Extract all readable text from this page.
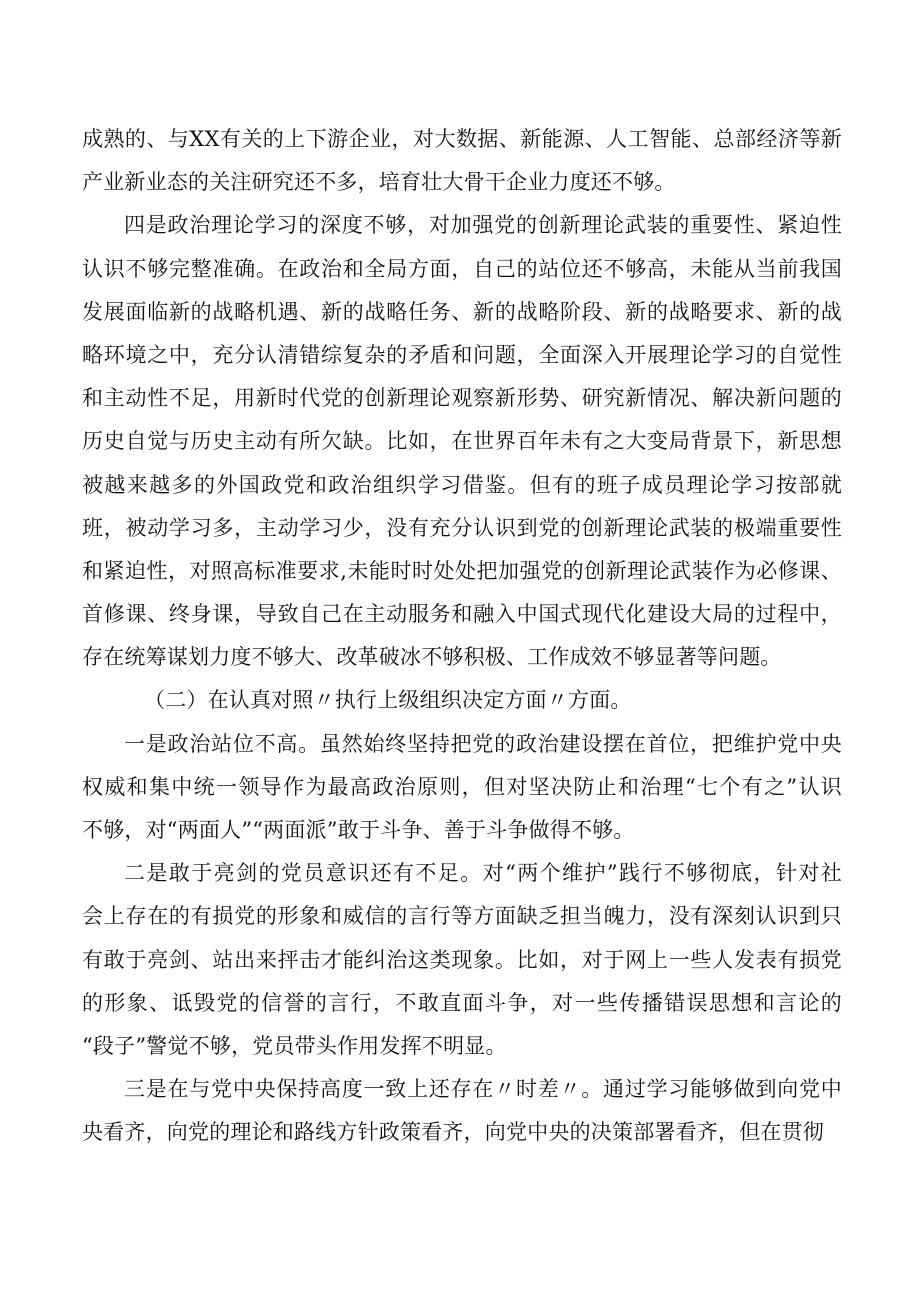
成熟的、与XX有关的上下游企业，对大数据、新能源、人工智能、总部经济等新
产业新业态的关注研究还不多，培育壮大骨干企业力度还不够。
四是政治理论学习的深度不够，对加强党的创新理论武装的重要性、紧迫性
认识不够完整准确。在政治和全局方面，自己的站位还不够高，未能从当前我国
发展面临新的战略机遇、新的战略任务、新的战略阶段、新的战略要求、新的战
略环境之中，充分认清错综复杂的矛盾和问题，全面深入开展理论学习的自觉性
和主动性不足，用新时代党的创新理论观察新形势、研究新情况、解决新问题的
历史自觉与历史主动有所欠缺。比如，在世界百年未有之大变局背景下，新思想
被越来越多的外国政党和政治组织学习借鉴。但有的班子成员理论学习按部就
班，被动学习多，主动学习少，没有充分认识到党的创新理论武装的极端重要性
和紧迫性，对照高标准要求,未能时时处处把加强党的创新理论武装作为必修课、
首修课、终身课，导致自己在主动服务和融入中国式现代化建设大局的过程中，
存在统筹谋划力度不够大、改革破冰不够积极、工作成效不够显著等问题。
（二）在认真对照〃执行上级组织决定方面〃方面。
一是政治站位不高。虽然始终坚持把党的政治建设摆在首位，把维护党中央
权威和集中统一领导作为最高政治原则，但对坚决防止和治理“七个有之”认识
不够，对“两面人”“两面派”敢于斗争、善于斗争做得不够。
二是敢于亮剑的党员意识还有不足。对“两个维护”践行不够彻底，针对社
会上存在的有损党的形象和威信的言行等方面缺乏担当魄力，没有深刻认识到只
有敢于亮剑、站出来抨击才能纠治这类现象。比如，对于网上一些人发表有损党
的形象、诋毁党的信誉的言行，不敢直面斗争，对一些传播错误思想和言论的
“段子”警觉不够，党员带头作用发挥不明显。
三是在与党中央保持高度一致上还存在〃时差〃。通过学习能够做到向党中
央看齐，向党的理论和路线方针政策看齐，向党中央的决策部署看齐，但在贯彻
